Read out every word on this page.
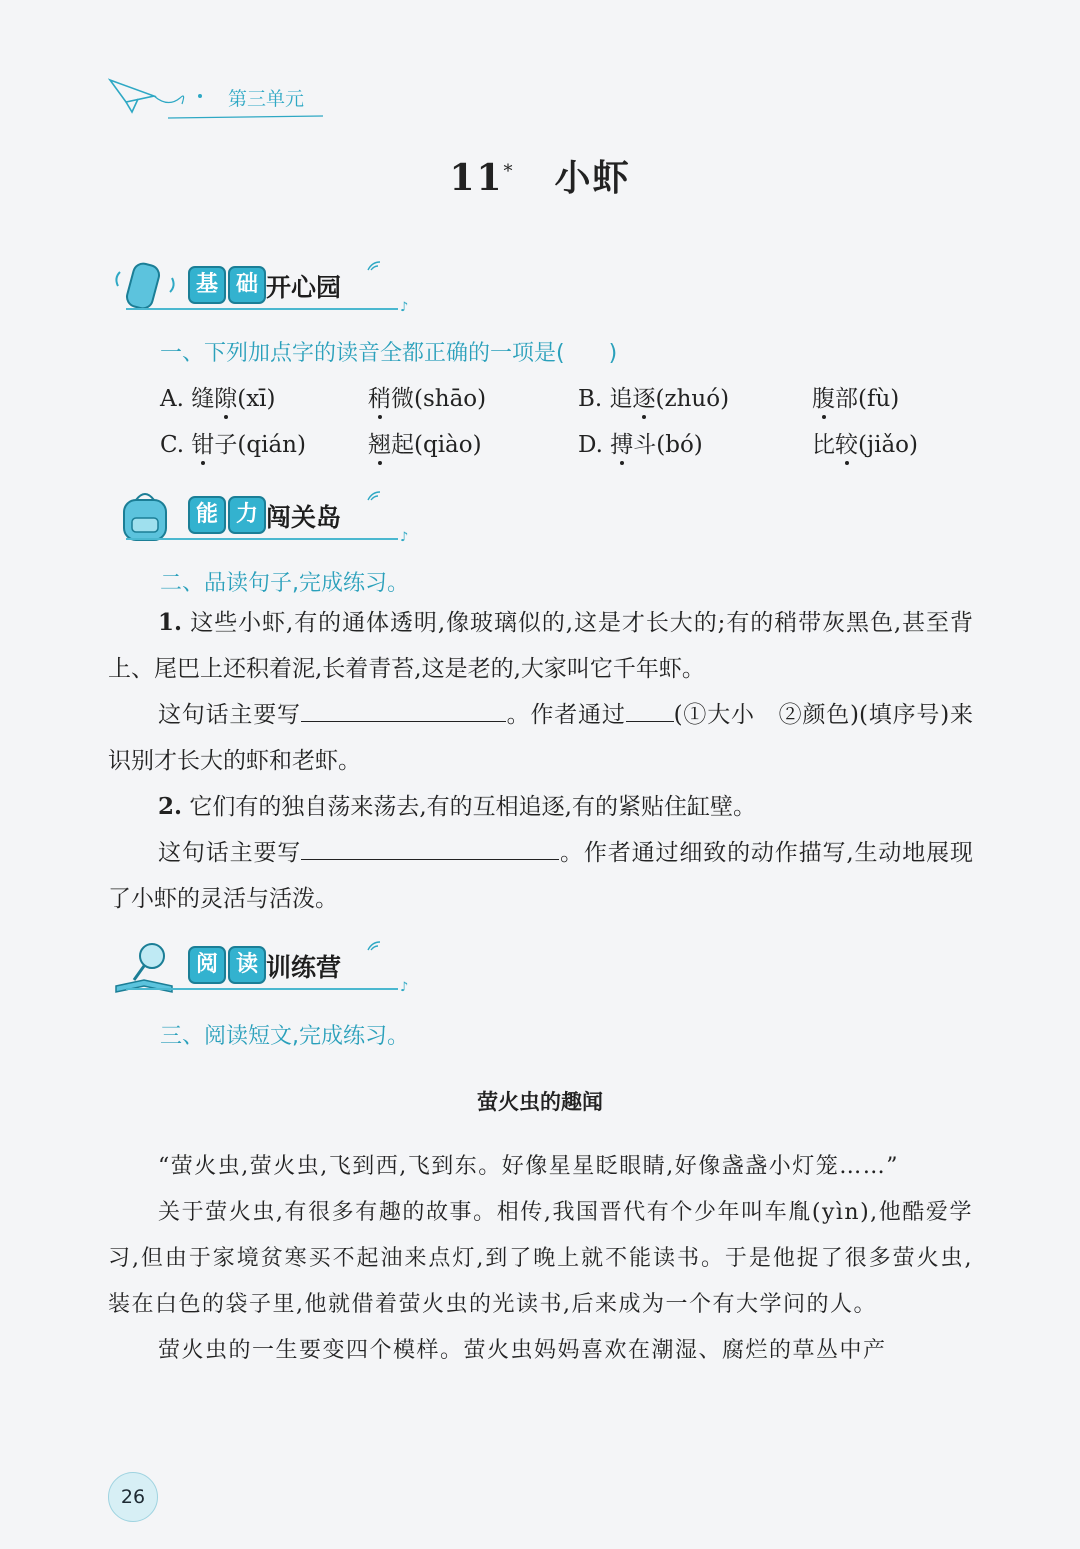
第三单元
11* 小虾
基 础 开心园
♪
一、下列加点字的读音全都正确的一项是(　　)
A. 缝隙(xī)	稍微(shāo)	B. 追逐(zhuó)	腹部(fù)
C. 钳子(qián)	翘起(qiào)	D. 搏斗(bó)	比较(jiǎo)
能 力 闯关岛
♪
二、品读句子,完成练习。

1. 这些小虾,有的通体透明,像玻璃似的,这是才长大的;有的稍带灰黑色,甚至背上、尾巴上还积着泥,长着青苔,这是老的,大家叫它千年虾。

这句话主要写	。作者通过 (①大小　②颜色)(填序号)来识别才长大的虾和老虾。

2. 它们有的独自荡来荡去,有的互相追逐,有的紧贴住缸壁。

这句话主要写	。作者通过细致的动作描写,生动地展现了小虾的灵活与活泼。

阅 读 训练营
♪
三、阅读短文,完成练习。
萤火虫的趣闻

“萤火虫,萤火虫,飞到西,飞到东。好像星星眨眼睛,好像盏盏小灯笼……”

关于萤火虫,有很多有趣的故事。相传,我国晋代有个少年叫车胤(yìn),他酷爱学习,但由于家境贫寒买不起油来点灯,到了晚上就不能读书。于是他捉了很多萤火虫,装在白色的袋子里,他就借着萤火虫的光读书,后来成为一个有大学问的人。

萤火虫的一生要变四个模样。萤火虫妈妈喜欢在潮湿、腐烂的草丛中产

26
